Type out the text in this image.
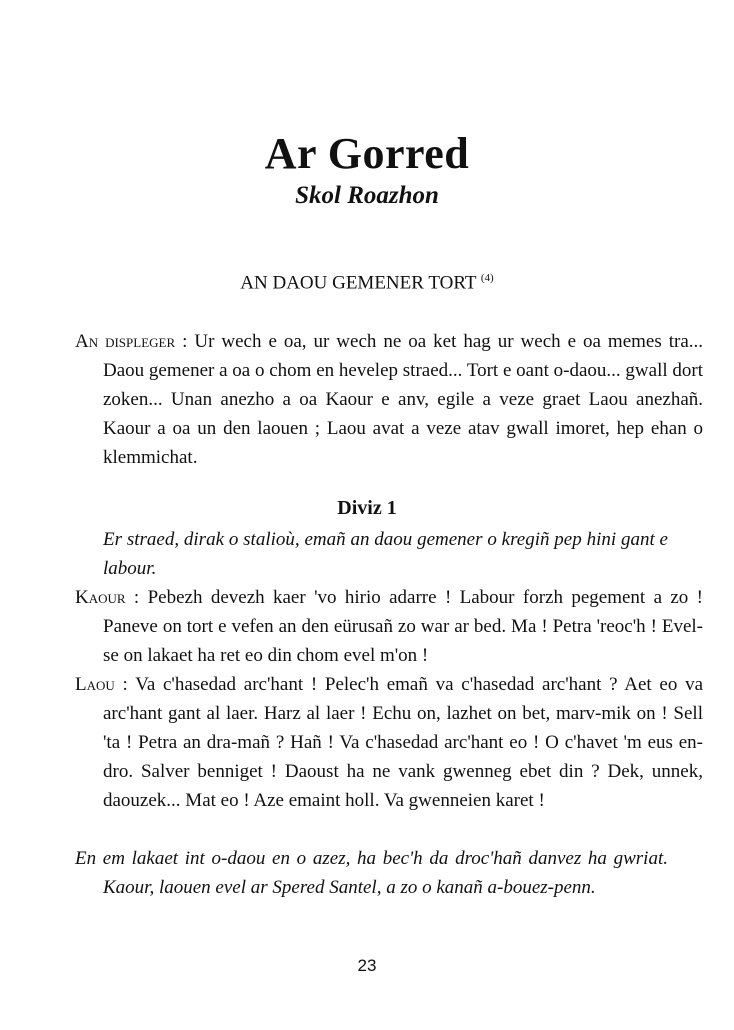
Ar Gorred
Skol Roazhon
AN DAOU GEMENER TORT $^{(4)}$

An displeger : Ur wech e oa, ur wech ne oa ket hag ur wech e oa memes tra... Daou gemener a oa o chom en hevelep straed... Tort e oant o-daou... gwall dort zoken... Unan anezho a oa Kaour e anv, egile a veze graet Laou anezhañ. Kaour a oa un den laouen ; Laou avat a veze atav gwall imoret, hep ehan o klemmichat.

Diviz 1

Er straed, dirak o stalioù, emañ an daou gemener o kregiñ pep hini gant e labour.

Kaour : Pebezh devezh kaer 'vo hirio adarre ! Labour forzh pegement a zo ! Paneve on tort e vefen an den eürusañ zo war ar bed. Ma ! Petra 'reoc'h ! Evel-se on lakaet ha ret eo din chom evel m'on !

Laou : Va c'hasedad arc'hant ! Pelec'h emañ va c'hasedad arc'hant ? Aet eo va arc'hant gant al laer. Harz al laer ! Echu on, lazhet on bet, marv-mik on ! Sell 'ta ! Petra an dra-mañ ? Hañ ! Va c'hasedad arc'hant eo ! O c'havet 'm eus en-dro. Salver benniget ! Daoust ha ne vank gwenneg ebet din ? Dek, unnek, daouzek... Mat eo ! Aze emaint holl. Va gwenneien karet !

En em lakaet int o-daou en o azez, ha bec'h da droc'hañ danvez ha gwriat. Kaour, laouen evel ar Spered Santel, a zo o kanañ a-bouez-penn.

23
